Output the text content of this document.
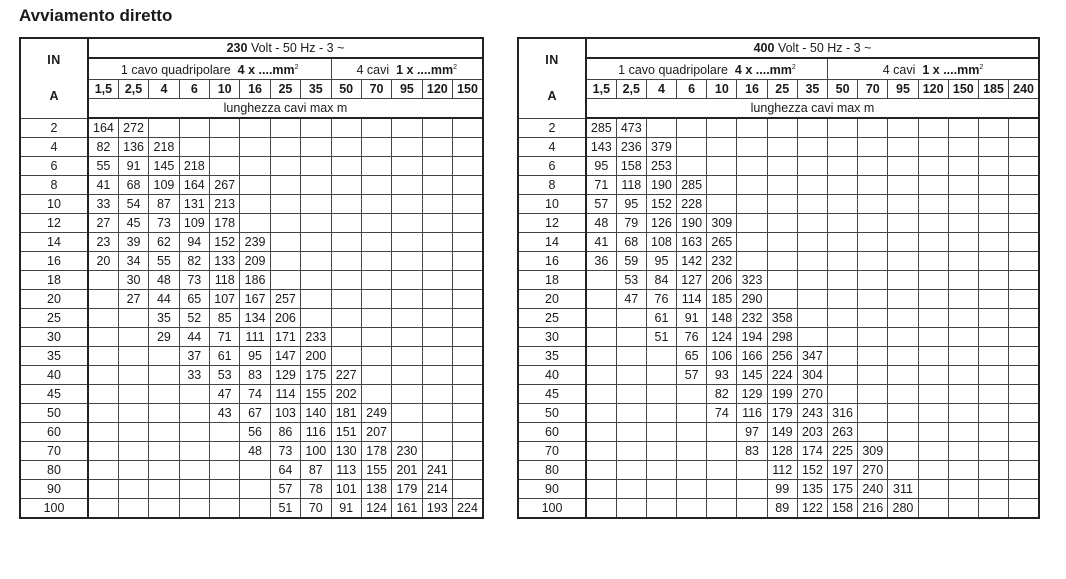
Avviamento diretto
IN
A	230 Volt - 50 Hz - 3 ~												
	1 cavo quadripolare 4 x $....mm^2$								4 cavi 1 x $....mm^2$
	1,5	2,5	4	6	10	16	25	35	50	70	95	120	150
	lunghezza cavi max m												
2	164	272											
4	82	136	218										
6	55	91	145	218									
8	41	68	109	164	267								
10	33	54	87	131	213								
12	27	45	73	109	178								
14	23	39	62	94	152	239							
16	20	34	55	82	133	209							
18		30	48	73	118	186							
20		27	44	65	107	167	257						
25			35	52	85	134	206						
30			29	44	71	111	171	233					
35				37	61	95	147	200					
40				33	53	83	129	175	227				
45					47	74	114	155	202				
50					43	67	103	140	181	249			
60						56	86	116	151	207			
70						48	73	100	130	178	230		
80							64	87	113	155	201	241	
90							57	78	101	138	179	214	
100							51	70	91	124	161	193	224
IN
A	400 Volt - 50 Hz - 3 ~														
	1 cavo quadripolare 4 x $....mm^2$								4 cavi 1 x $....mm^2$
	1,5	2,5	4	6	10	16	25	35	50	70	95	120	150	185	240
	lunghezza cavi max m														
2	285	473													
4	143	236	379												
6	95	158	253												
8	71	118	190	285											
10	57	95	152	228											
12	48	79	126	190	309										
14	41	68	108	163	265										
16	36	59	95	142	232										
18		53	84	127	206	323									
20		47	76	114	185	290									
25			61	91	148	232	358								
30			51	76	124	194	298								
35				65	106	166	256	347							
40				57	93	145	224	304							
45					82	129	199	270							
50					74	116	179	243	316						
60						97	149	203	263						
70						83	128	174	225	309					
80							112	152	197	270					
90							99	135	175	240	311				
100							89	122	158	216	280				
